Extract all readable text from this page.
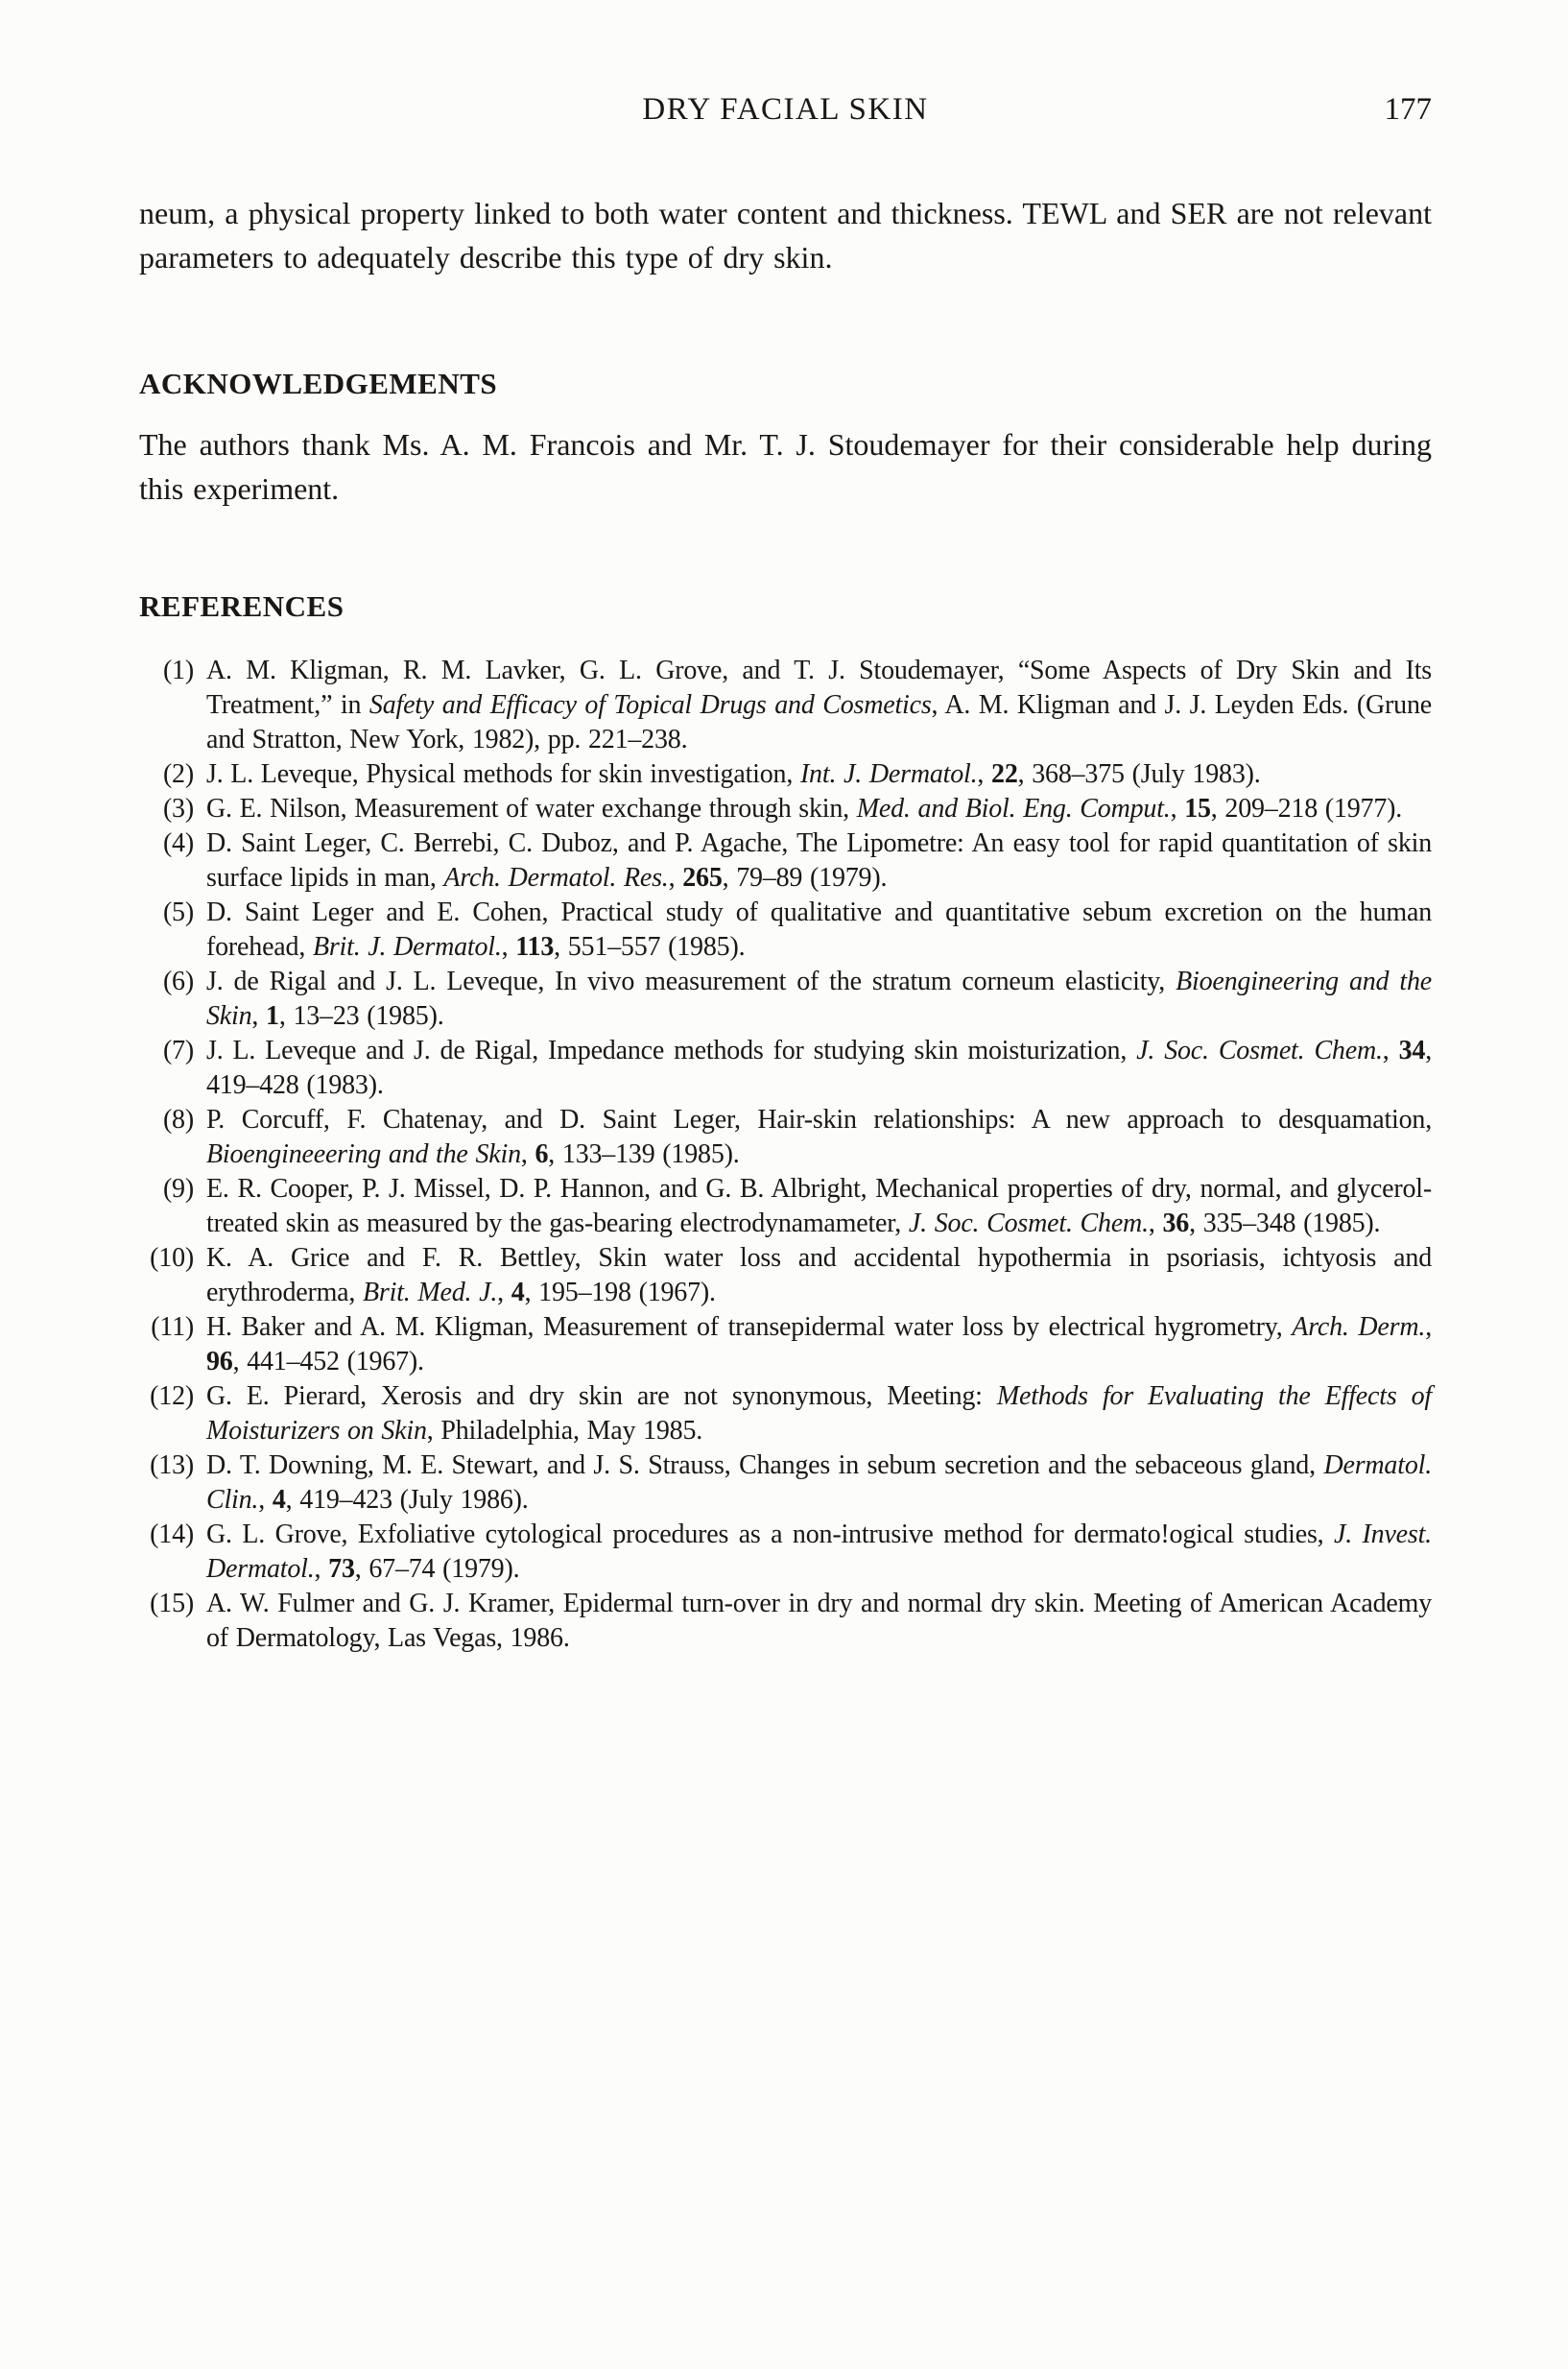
DRY FACIAL SKIN	177

neum, a physical property linked to both water content and thickness. TEWL and SER are not relevant parameters to adequately describe this type of dry skin.

ACKNOWLEDGEMENTS

The authors thank Ms. A. M. Francois and Mr. T. J. Stoudemayer for their considerable help during this experiment.

REFERENCES
(1) A. M. Kligman, R. M. Lavker, G. L. Grove, and T. J. Stoudemayer, “Some Aspects of Dry Skin and Its Treatment,” in Safety and Efficacy of Topical Drugs and Cosmetics, A. M. Kligman and J. J. Leyden Eds. (Grune and Stratton, New York, 1982), pp. 221–238.
(2) J. L. Leveque, Physical methods for skin investigation, Int. J. Dermatol., 22, 368–375 (July 1983).
(3) G. E. Nilson, Measurement of water exchange through skin, Med. and Biol. Eng. Comput., 15, 209–218 (1977).
(4) D. Saint Leger, C. Berrebi, C. Duboz, and P. Agache, The Lipometre: An easy tool for rapid quantitation of skin surface lipids in man, Arch. Dermatol. Res., 265, 79–89 (1979).
(5) D. Saint Leger and E. Cohen, Practical study of qualitative and quantitative sebum excretion on the human forehead, Brit. J. Dermatol., 113, 551–557 (1985).
(6) J. de Rigal and J. L. Leveque, In vivo measurement of the stratum corneum elasticity, Bioengineering and the Skin, 1, 13–23 (1985).
(7) J. L. Leveque and J. de Rigal, Impedance methods for studying skin moisturization, J. Soc. Cosmet. Chem., 34, 419–428 (1983).
(8) P. Corcuff, F. Chatenay, and D. Saint Leger, Hair-skin relationships: A new approach to desquamation, Bioengineeering and the Skin, 6, 133–139 (1985).
(9) E. R. Cooper, P. J. Missel, D. P. Hannon, and G. B. Albright, Mechanical properties of dry, normal, and glycerol-treated skin as measured by the gas-bearing electrodynamameter, J. Soc. Cosmet. Chem., 36, 335–348 (1985).
(10) K. A. Grice and F. R. Bettley, Skin water loss and accidental hypothermia in psoriasis, ichtyosis and erythroderma, Brit. Med. J., 4, 195–198 (1967).
(11) H. Baker and A. M. Kligman, Measurement of transepidermal water loss by electrical hygrometry, Arch. Derm., 96, 441–452 (1967).
(12) G. E. Pierard, Xerosis and dry skin are not synonymous, Meeting: Methods for Evaluating the Effects of Moisturizers on Skin, Philadelphia, May 1985.
(13) D. T. Downing, M. E. Stewart, and J. S. Strauss, Changes in sebum secretion and the sebaceous gland, Dermatol. Clin., 4, 419–423 (July 1986).
(14) G. L. Grove, Exfoliative cytological procedures as a non-intrusive method for dermato!ogical studies, J. Invest. Dermatol., 73, 67–74 (1979).
(15) A. W. Fulmer and G. J. Kramer, Epidermal turn-over in dry and normal dry skin. Meeting of American Academy of Dermatology, Las Vegas, 1986.
